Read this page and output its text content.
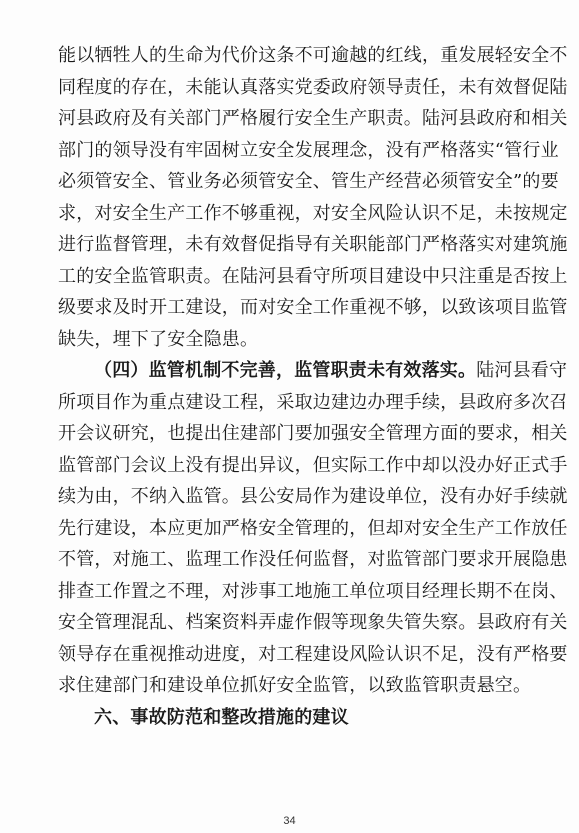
能以牺牲人的生命为代价这条不可逾越的红线，重发展轻安全不
同程度的存在，未能认真落实党委政府领导责任，未有效督促陆
河县政府及有关部门严格履行安全生产职责。陆河县政府和相关
部门的领导没有牢固树立安全发展理念，没有严格落实“管行业
必须管安全、管业务必须管安全、管生产经营必须管安全”的要
求，对安全生产工作不够重视，对安全风险认识不足，未按规定
进行监督管理，未有效督促指导有关职能部门严格落实对建筑施
工的安全监管职责。在陆河县看守所项目建设中只注重是否按上
级要求及时开工建设，而对安全工作重视不够，以致该项目监管
缺失，埋下了安全隐患。
（四）监管机制不完善，监管职责未有效落实。陆河县看守
所项目作为重点建设工程，采取边建边办理手续，县政府多次召
开会议研究，也提出住建部门要加强安全管理方面的要求，相关
监管部门会议上没有提出异议，但实际工作中却以没办好正式手
续为由，不纳入监管。县公安局作为建设单位，没有办好手续就
先行建设，本应更加严格安全管理的，但却对安全生产工作放任
不管，对施工、监理工作没任何监督，对监管部门要求开展隐患
排查工作置之不理，对涉事工地施工单位项目经理长期不在岗、
安全管理混乱、档案资料弄虚作假等现象失管失察。县政府有关
领导存在重视推动进度，对工程建设风险认识不足，没有严格要
求住建部门和建设单位抓好安全监管，以致监管职责悬空。
六、事故防范和整改措施的建议
34
